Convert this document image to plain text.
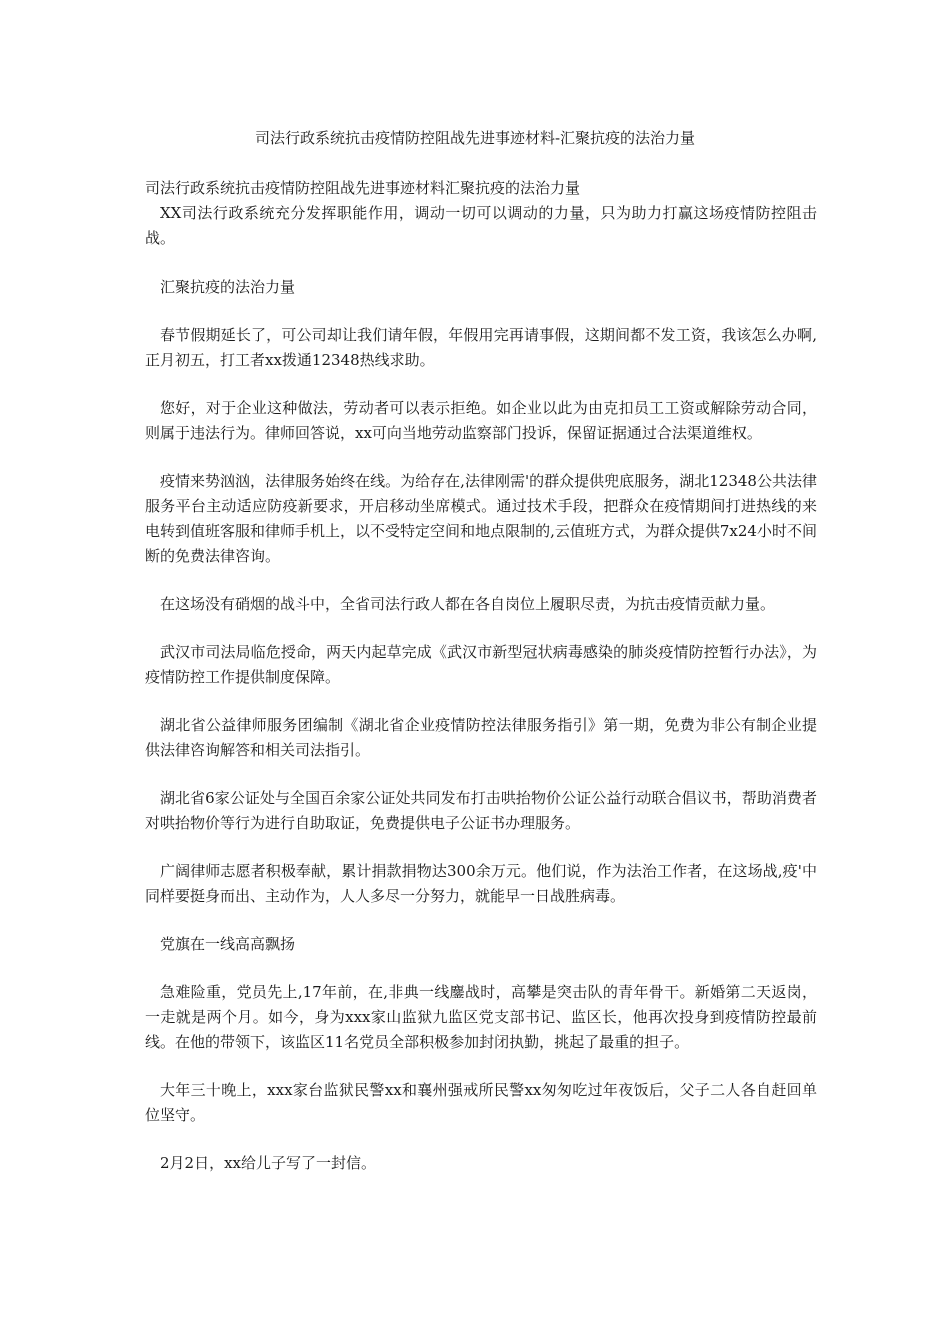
司法行政系统抗击疫情防控阻战先进事迹材料-汇聚抗疫的法治力量

司法行政系统抗击疫情防控阻战先进事迹材料汇聚抗疫的法治力量

XX司法行政系统充分发挥职能作用，调动一切可以调动的力量，只为助力打赢这场疫情防控阻击战。

汇聚抗疫的法治力量

春节假期延长了，可公司却让我们请年假，年假用完再请事假，这期间都不发工资，我该怎么办啊,正月初五，打工者xx拨通12348热线求助。

您好，对于企业这种做法，劳动者可以表示拒绝。如企业以此为由克扣员工工资或解除劳动合同，则属于违法行为。律师回答说，xx可向当地劳动监察部门投诉，保留证据通过合法渠道维权。

疫情来势汹汹，法律服务始终在线。为给存在,法律刚需'的群众提供兜底服务，湖北12348公共法律服务平台主动适应防疫新要求，开启移动坐席模式。通过技术手段，把群众在疫情期间打进热线的来电转到值班客服和律师手机上，以不受特定空间和地点限制的,云值班方式，为群众提供7x24小时不间断的免费法律咨询。

在这场没有硝烟的战斗中，全省司法行政人都在各自岗位上履职尽责，为抗击疫情贡献力量。

武汉市司法局临危授命，两天内起草完成《武汉市新型冠状病毒感染的肺炎疫情防控暂行办法》，为疫情防控工作提供制度保障。

湖北省公益律师服务团编制《湖北省企业疫情防控法律服务指引》第一期，免费为非公有制企业提供法律咨询解答和相关司法指引。

湖北省6家公证处与全国百余家公证处共同发布打击哄抬物价公证公益行动联合倡议书，帮助消费者对哄抬物价等行为进行自助取证，免费提供电子公证书办理服务。

广阔律师志愿者积极奉献，累计捐款捐物达300余万元。他们说，作为法治工作者，在这场战,疫'中同样要挺身而出、主动作为，人人多尽一分努力，就能早一日战胜病毒。

党旗在一线高高飘扬

急难险重，党员先上,17年前，在,非典一线鏖战时，高攀是突击队的青年骨干。新婚第二天返岗，一走就是两个月。如今，身为xxx家山监狱九监区党支部书记、监区长，他再次投身到疫情防控最前线。在他的带领下，该监区11名党员全部积极参加封闭执勤，挑起了最重的担子。

大年三十晚上，xxx家台监狱民警xx和襄州强戒所民警xx匆匆吃过年夜饭后，父子二人各自赶回单位坚守。

2月2日，xx给儿子写了一封信。
